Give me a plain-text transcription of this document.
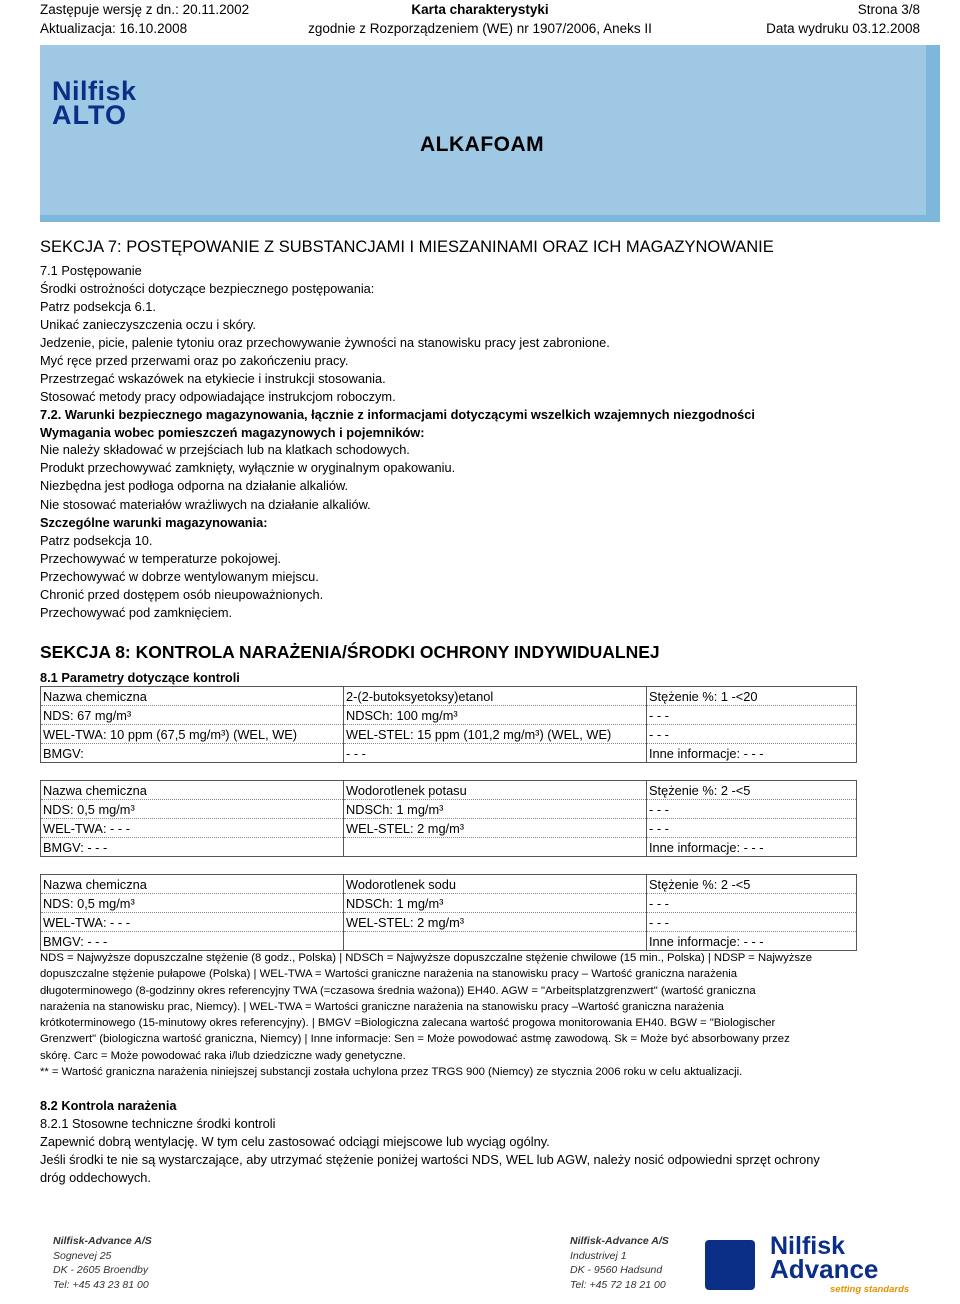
Zastępuje wersję z dn.: 20.11.2002	Karta charakterystyki	Strona 3/8
Aktualizacja: 16.10.2008	zgodnie z Rozporządzeniem (WE) nr 1907/2006, Aneks II	Data wydruku 03.12.2008
Nilfisk
ALTO
ALKAFOAM
SEKCJA 7: POSTĘPOWANIE Z SUBSTANCJAMI I MIESZANINAMI ORAZ ICH MAGAZYNOWANIE
SEKCJA 8: KONTROLA NARAŻENIA/ŚRODKI OCHRONY INDYWIDUALNEJ
8.1 Parametry dotyczące kontroli
Nazwa chemiczna	2-(2-butoksyetoksy)etanol	Stężenie %: 1 -<20
NDS: 67 mg/m³	NDSCh: 100 mg/m³	- - -
WEL-TWA: 10 ppm (67,5 mg/m³) (WEL, WE)	WEL-STEL: 15 ppm (101,2 mg/m³) (WEL, WE)	- - -
BMGV:	- - -	Inne informacje: - - -
Nazwa chemiczna	Wodorotlenek potasu	Stężenie %: 2 -<5
NDS: 0,5 mg/m³	NDSCh: 1 mg/m³	- - -
WEL-TWA: - - -	WEL-STEL: 2 mg/m³	- - -
BMGV: - - -		Inne informacje: - - -
Nazwa chemiczna	Wodorotlenek sodu	Stężenie %: 2 -<5
NDS: 0,5 mg/m³	NDSCh: 1 mg/m³	- - -
WEL-TWA: - - -	WEL-STEL: 2 mg/m³	- - -
BMGV: - - -		Inne informacje: - - -
NDS = Najwyższe dopuszczalne stężenie (8 godz., Polska) | NDSCh = Najwyższe dopuszczalne stężenie chwilowe (15 min., Polska) | NDSP = Najwyższe
dopuszczalne stężenie pułapowe (Polska) | WEL-TWA = Wartości graniczne narażenia na stanowisku pracy – Wartość graniczna narażenia
długoterminowego (8-godzinny okres referencyjny TWA (=czasowa średnia ważona)) EH40. AGW = "Arbeitsplatzgrenzwert" (wartość graniczna
narażenia na stanowisku prac, Niemcy). | WEL-TWA = Wartości graniczne narażenia na stanowisku pracy –Wartość graniczna narażenia
krótkoterminowego (15-minutowy okres referencyjny). | BMGV =Biologiczna zalecana wartość progowa monitorowania EH40. BGW = "Biologischer
Grenzwert" (biologiczna wartość graniczna, Niemcy) | Inne informacje: Sen = Może powodować astmę zawodową. Sk = Może być absorbowany przez
skórę. Carc = Może powodować raka i/lub dziedziczne wady genetyczne.
** = Wartość graniczna narażenia niniejszej substancji została uchylona przez TRGS 900 (Niemcy) ze stycznia 2006 roku w celu aktualizacji.
8.2 Kontrola narażenia
8.2.1 Stosowne techniczne środki kontroli
Zapewnić dobrą wentylację. W tym celu zastosować odciągi miejscowe lub wyciąg ogólny.
Jeśli środki te nie są wystarczające, aby utrzymać stężenie poniżej wartości NDS, WEL lub AGW, należy nosić odpowiedni sprzęt ochrony
dróg oddechowych.
Nilfisk-Advance A/S
Sognevej 25
DK - 2605 Broendby
Tel: +45 43 23 81 00
Nilfisk-Advance A/S
Industrivej 1
DK - 9560 Hadsund
Tel: +45 72 18 21 00
Nilfisk
Advance
setting standards
7.1 Postępowanie
Środki ostrożności dotyczące bezpiecznego postępowania:
Patrz podsekcja 6.1.
Unikać zanieczyszczenia oczu i skóry.
Jedzenie, picie, palenie tytoniu oraz przechowywanie żywności na stanowisku pracy jest zabronione.
Myć ręce przed przerwami oraz po zakończeniu pracy.
Przestrzegać wskazówek na etykiecie i instrukcji stosowania.
Stosować metody pracy odpowiadające instrukcjom roboczym.
7.2. Warunki bezpiecznego magazynowania, łącznie z informacjami dotyczącymi wszelkich wzajemnych niezgodności
Wymagania wobec pomieszczeń magazynowych i pojemników:
Nie należy składować w przejściach lub na klatkach schodowych.
Produkt przechowywać zamknięty, wyłącznie w oryginalnym opakowaniu.
Niezbędna jest podłoga odporna na działanie alkaliów.
Nie stosować materiałów wrażliwych na działanie alkaliów.
Szczególne warunki magazynowania:
Patrz podsekcja 10.
Przechowywać w temperaturze pokojowej.
Przechowywać w dobrze wentylowanym miejscu.
Chronić przed dostępem osób nieupoważnionych.
Przechowywać pod zamknięciem.
